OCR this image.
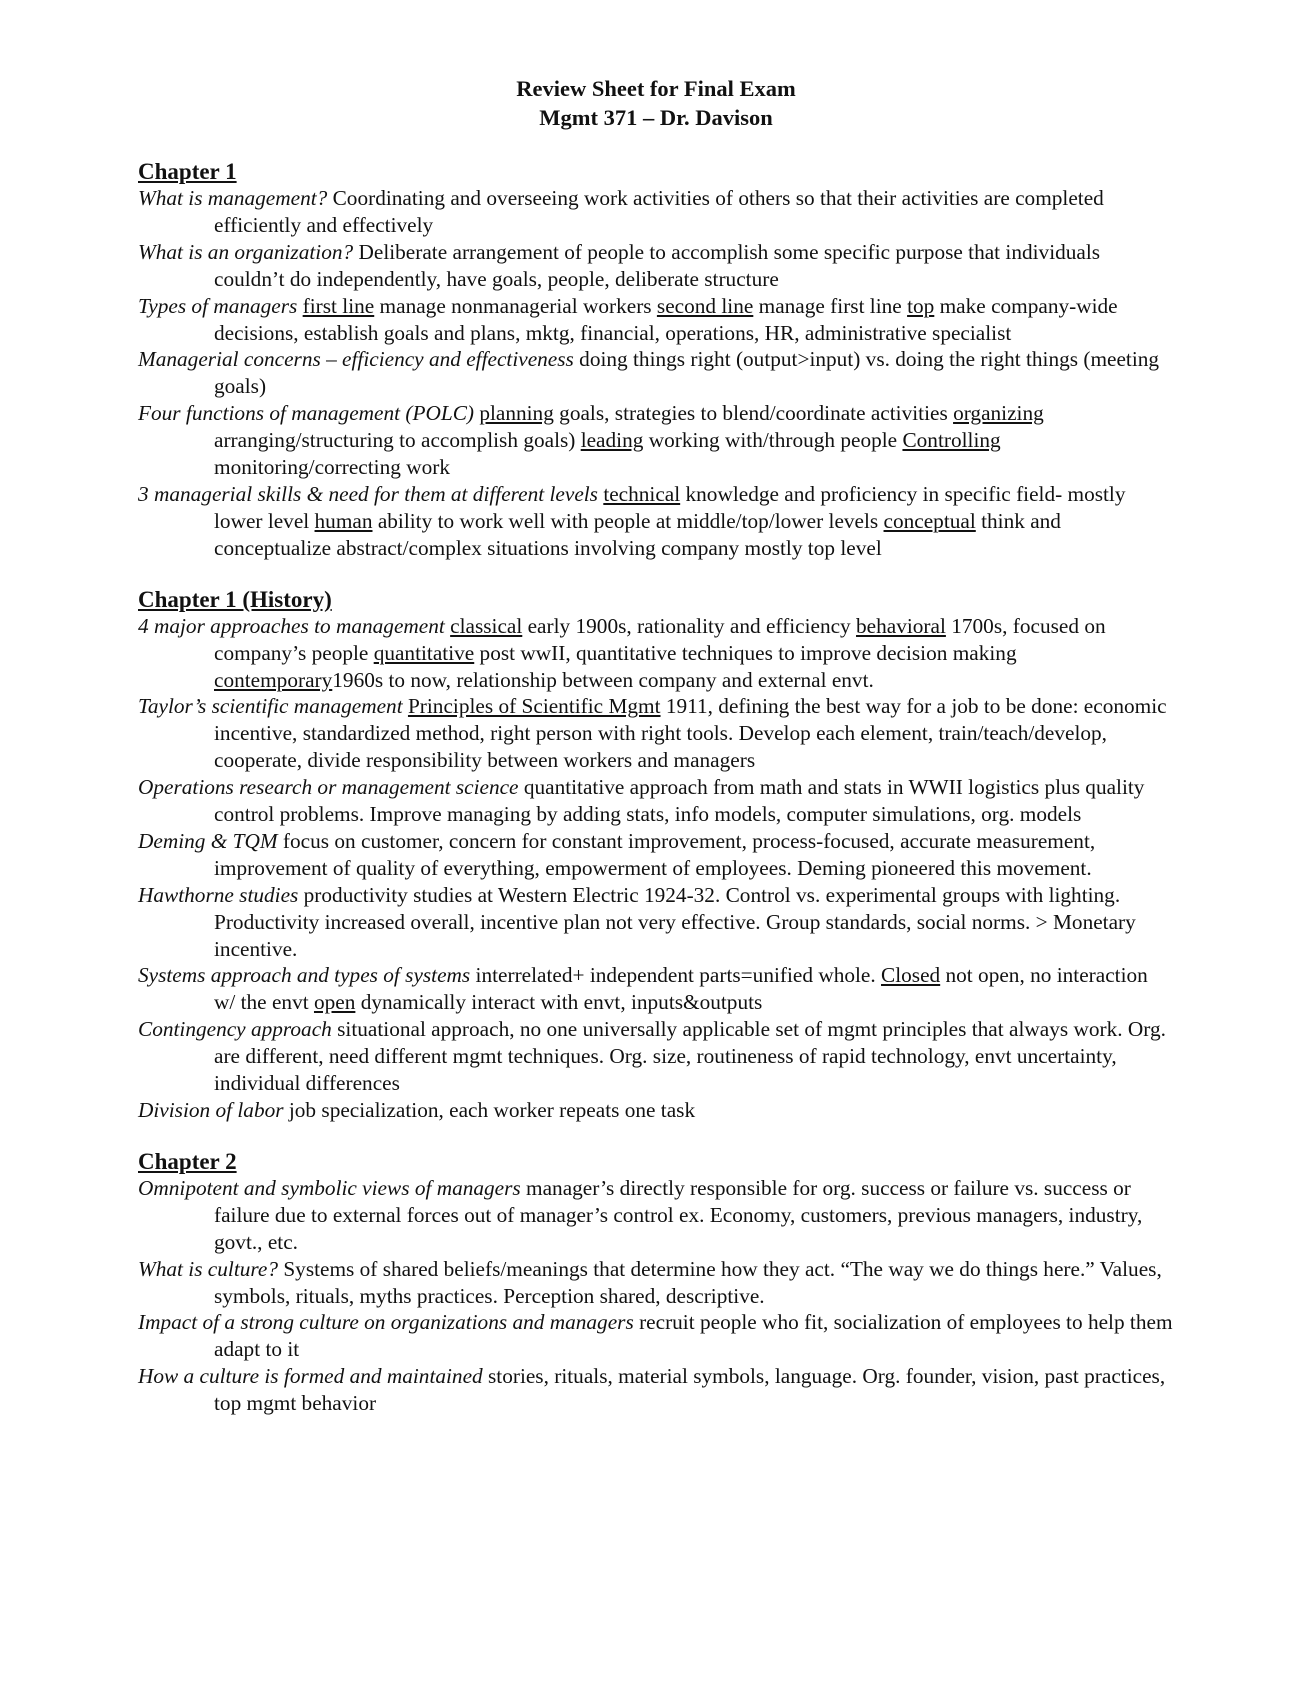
Review Sheet for Final Exam

Mgmt 371 – Dr. Davison

Chapter 1

What is management? Coordinating and overseeing work activities of others so that their activities are completed efficiently and effectively

What is an organization? Deliberate arrangement of people to accomplish some specific purpose that individuals couldn’t do independently, have goals, people, deliberate structure

Types of managers first line manage nonmanagerial workers second line manage first line top make company-wide decisions, establish goals and plans, mktg, financial, operations, HR, administrative specialist

Managerial concerns – efficiency and effectiveness doing things right (output>input) vs. doing the right things (meeting goals)

Four functions of management (POLC) planning goals, strategies to blend/coordinate activities organizing arranging/structuring to accomplish goals) leading working with/through people Controlling monitoring/correcting work

3 managerial skills & need for them at different levels technical knowledge and proficiency in specific field- mostly lower level human ability to work well with people at middle/top/lower levels conceptual think and conceptualize abstract/complex situations involving company mostly top level

Chapter 1 (History)

4 major approaches to management classical early 1900s, rationality and efficiency behavioral 1700s, focused on company’s people quantitative post wwII, quantitative techniques to improve decision making contemporary1960s to now, relationship between company and external envt.

Taylor’s scientific management Principles of Scientific Mgmt 1911, defining the best way for a job to be done: economic incentive, standardized method, right person with right tools. Develop each element, train/teach/develop, cooperate, divide responsibility between workers and managers

Operations research or management science quantitative approach from math and stats in WWII logistics plus quality control problems. Improve managing by adding stats, info models, computer simulations, org. models

Deming & TQM focus on customer, concern for constant improvement, process-focused, accurate measurement, improvement of quality of everything, empowerment of employees. Deming pioneered this movement.

Hawthorne studies productivity studies at Western Electric 1924-32. Control vs. experimental groups with lighting. Productivity increased overall, incentive plan not very effective. Group standards, social norms. > Monetary incentive.

Systems approach and types of systems interrelated+ independent parts=unified whole. Closed not open, no interaction w/ the envt open dynamically interact with envt, inputs&outputs

Contingency approach situational approach, no one universally applicable set of mgmt principles that always work. Org. are different, need different mgmt techniques. Org. size, routineness of rapid technology, envt uncertainty, individual differences

Division of labor job specialization, each worker repeats one task

Chapter 2

Omnipotent and symbolic views of managers manager’s directly responsible for org. success or failure vs. success or failure due to external forces out of manager’s control ex. Economy, customers, previous managers, industry, govt., etc.

What is culture? Systems of shared beliefs/meanings that determine how they act. “The way we do things here.” Values, symbols, rituals, myths practices. Perception shared, descriptive.

Impact of a strong culture on organizations and managers recruit people who fit, socialization of employees to help them adapt to it

How a culture is formed and maintained stories, rituals, material symbols, language. Org. founder, vision, past practices, top mgmt behavior
